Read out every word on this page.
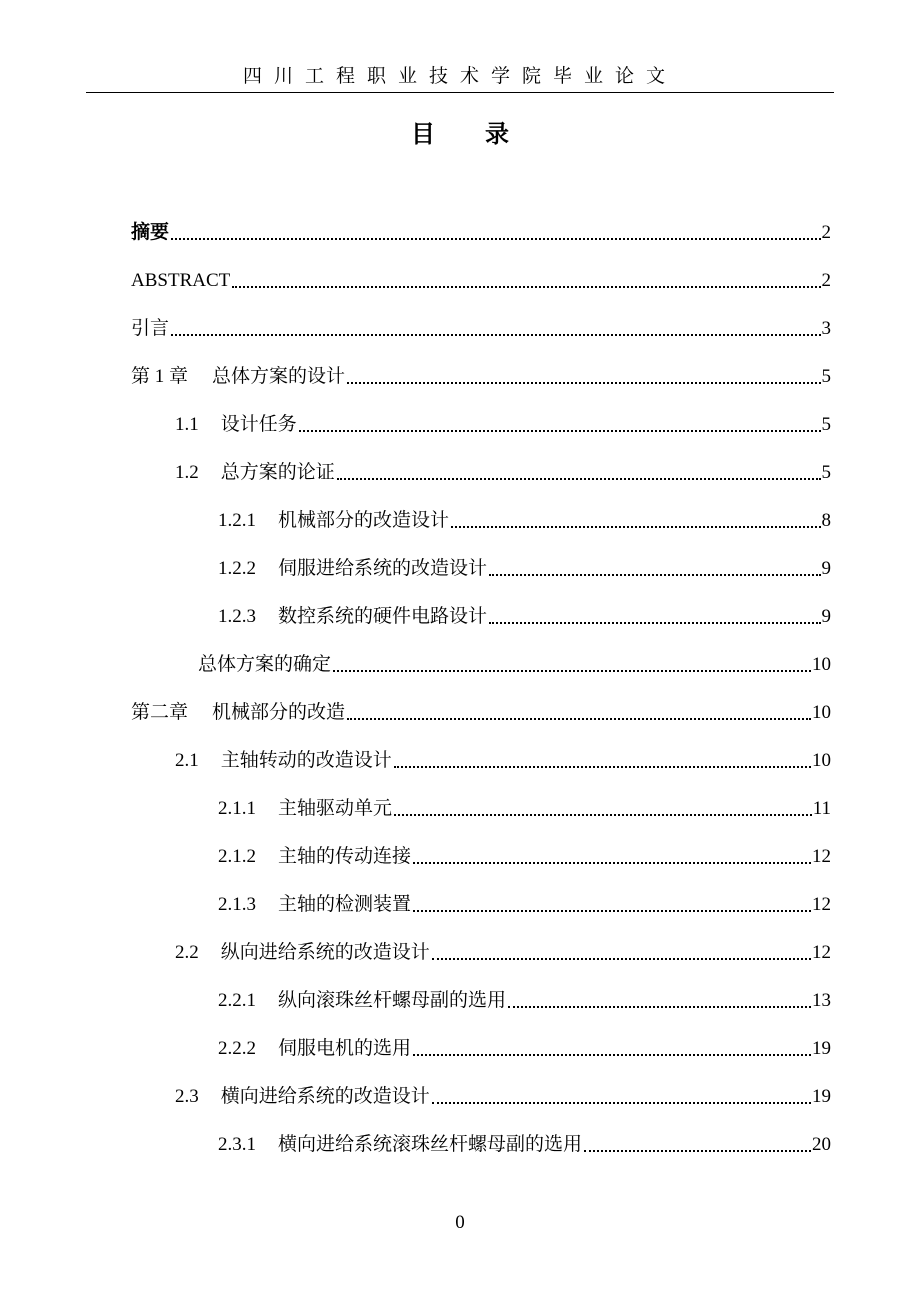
四川工程职业技术学院毕业论文
目录
摘要	2
ABSTRACT	2
引言	3
第 1 章	总体方案的设计	5
1.1	设计任务	5
1.2	总方案的论证	5
1.2.1	机械部分的改造设计	8
1.2.2	伺服进给系统的改造设计	9
1.2.3	数控系统的硬件电路设计	9
总体方案的确定	10
第二章	机械部分的改造	10
2.1	主轴转动的改造设计	10
2.1.1	主轴驱动单元	11
2.1.2	主轴的传动连接	12
2.1.3	主轴的检测装置	12
2.2	纵向进给系统的改造设计	12
2.2.1	纵向滚珠丝杆螺母副的选用	13
2.2.2	伺服电机的选用	19
2.3	横向进给系统的改造设计	19
2.3.1	横向进给系统滚珠丝杆螺母副的选用	20
0
